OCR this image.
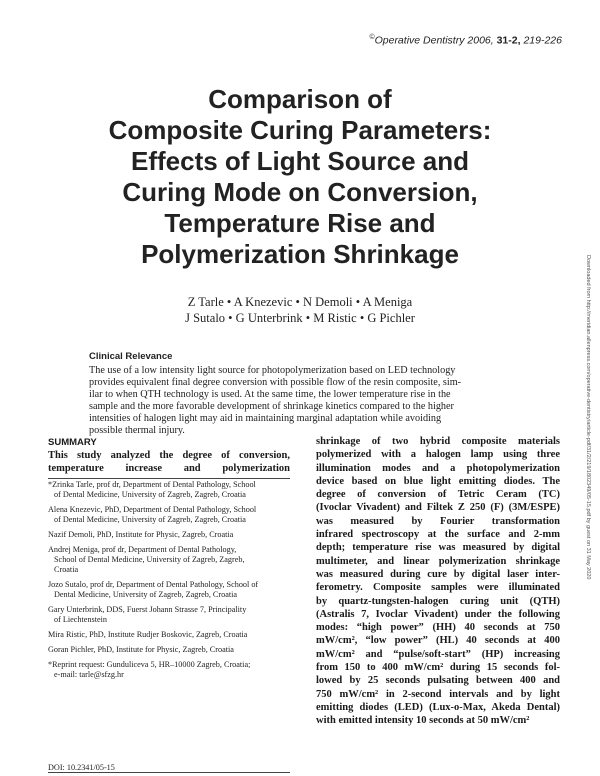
©Operative Dentistry 2006, 31-2, 219-226
Comparison of
Composite Curing Parameters:
Effects of Light Source and
Curing Mode on Conversion,
Temperature Rise and
Polymerization Shrinkage
Z Tarle • A Knezevic • N Demoli • A Meniga
J Sutalo • G Unterbrink • M Ristic • G Pichler
Clinical Relevance
The use of a low intensity light source for photopolymerization based on LED technology
provides equivalent final degree conversion with possible flow of the resin composite, sim-
ilar to when QTH technology is used. At the same time, the lower temperature rise in the
sample and the more favorable development of shrinkage kinetics compared to the higher
intensities of halogen light may aid in maintaining marginal adaptation while avoiding
possible thermal injury.
SUMMARY
This study analyzed the degree of conversion,
temperature increase and polymerization
*Zrinka Tarle, prof dr, Department of Dental Pathology, School
of Dental Medicine, University of Zagreb, Zagreb, Croatia
Alena Knezevic, PhD, Department of Dental Pathology, School
of Dental Medicine, University of Zagreb, Zagreb, Croatia
Nazif Demoli, PhD, Institute for Physic, Zagreb, Croatia
Andrej Meniga, prof dr, Department of Dental Pathology,
School of Dental Medicine, University of Zagreb, Zagreb,
Croatia
Jozo Sutalo, prof dr, Department of Dental Pathology, School of
Dental Medicine, University of Zagreb, Zagreb, Croatia
Gary Unterbrink, DDS, Fuerst Johann Strasse 7, Principality
of Liechtenstein
Mira Ristic, PhD, Institute Rudjer Boskovic, Zagreb, Croatia
Goran Pichler, PhD, Institute for Physic, Zagreb, Croatia
*Reprint request: Gunduliceva 5, HR–10000 Zagreb, Croatia;
e-mail: tarle@sfzg.hr
DOI: 10.2341/05-15
shrinkage of two hybrid composite materials
polymerized with a halogen lamp using three
illumination modes and a photopolymerization
device based on blue light emitting diodes. The
degree of conversion of Tetric Ceram (TC)
(Ivoclar Vivadent) and Filtek Z 250 (F) (3M/ESPE)
was measured by Fourier transformation
infrared spectroscopy at the surface and 2-mm
depth; temperature rise was measured by digital
multimeter, and linear polymerization shrinkage
was measured during cure by digital laser inter-
ferometry. Composite samples were illuminated
by quartz-tungsten-halogen curing unit (QTH)
(Astralis 7, Ivoclar Vivadent) under the following
modes: “high power” (HH) 40 seconds at 750
mW/cm², “low power” (HL) 40 seconds at 400
mW/cm² and “pulse/soft-start” (HP) increasing
from 150 to 400 mW/cm² during 15 seconds fol-
lowed by 25 seconds pulsating between 400 and
750 mW/cm² in 2-second intervals and by light
emitting diodes (LED) (Lux-o-Max, Akeda Dental)
with emitted intensity 10 seconds at 50 mW/cm²
Downloaded from http://meridian.allenpress.com/operative-dentistry/article-pdf/31/2/219/1802349/05-15.pdf by guest on 31 May 2020
